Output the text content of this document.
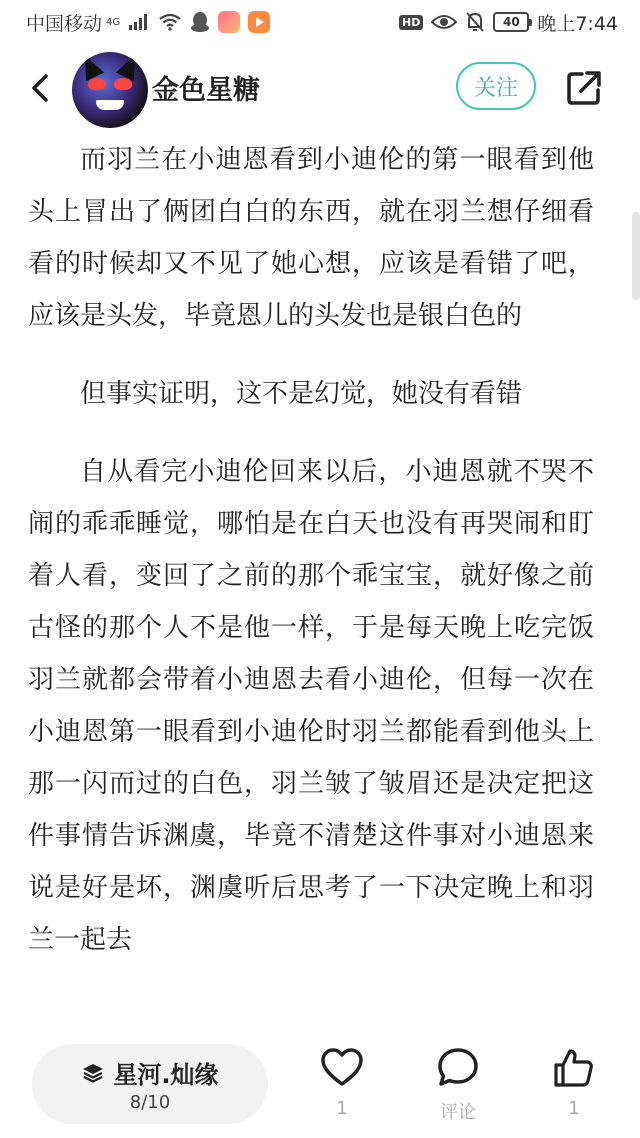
中国移动 4G	HD	40 晚上7:44
金色星糖	关注

而羽兰在小迪恩看到小迪伦的第一眼看到他头上冒出了俩团白白的东西，就在羽兰想仔细看看的时候却又不见了她心想，应该是看错了吧，应该是头发，毕竟恩儿的头发也是银白色的

但事实证明，这不是幻觉，她没有看错

自从看完小迪伦回来以后，小迪恩就不哭不闹的乖乖睡觉，哪怕是在白天也没有再哭闹和盯着人看，变回了之前的那个乖宝宝，就好像之前古怪的那个人不是他一样，于是每天晚上吃完饭羽兰就都会带着小迪恩去看小迪伦，但每一次在小迪恩第一眼看到小迪伦时羽兰都能看到他头上那一闪而过的白色，羽兰皱了皱眉还是决定把这件事情告诉渊虞，毕竟不清楚这件事对小迪恩来说是好是坏，渊虞听后思考了一下决定晚上和羽兰一起去

星河.灿缘
8/10	1	评论	1
